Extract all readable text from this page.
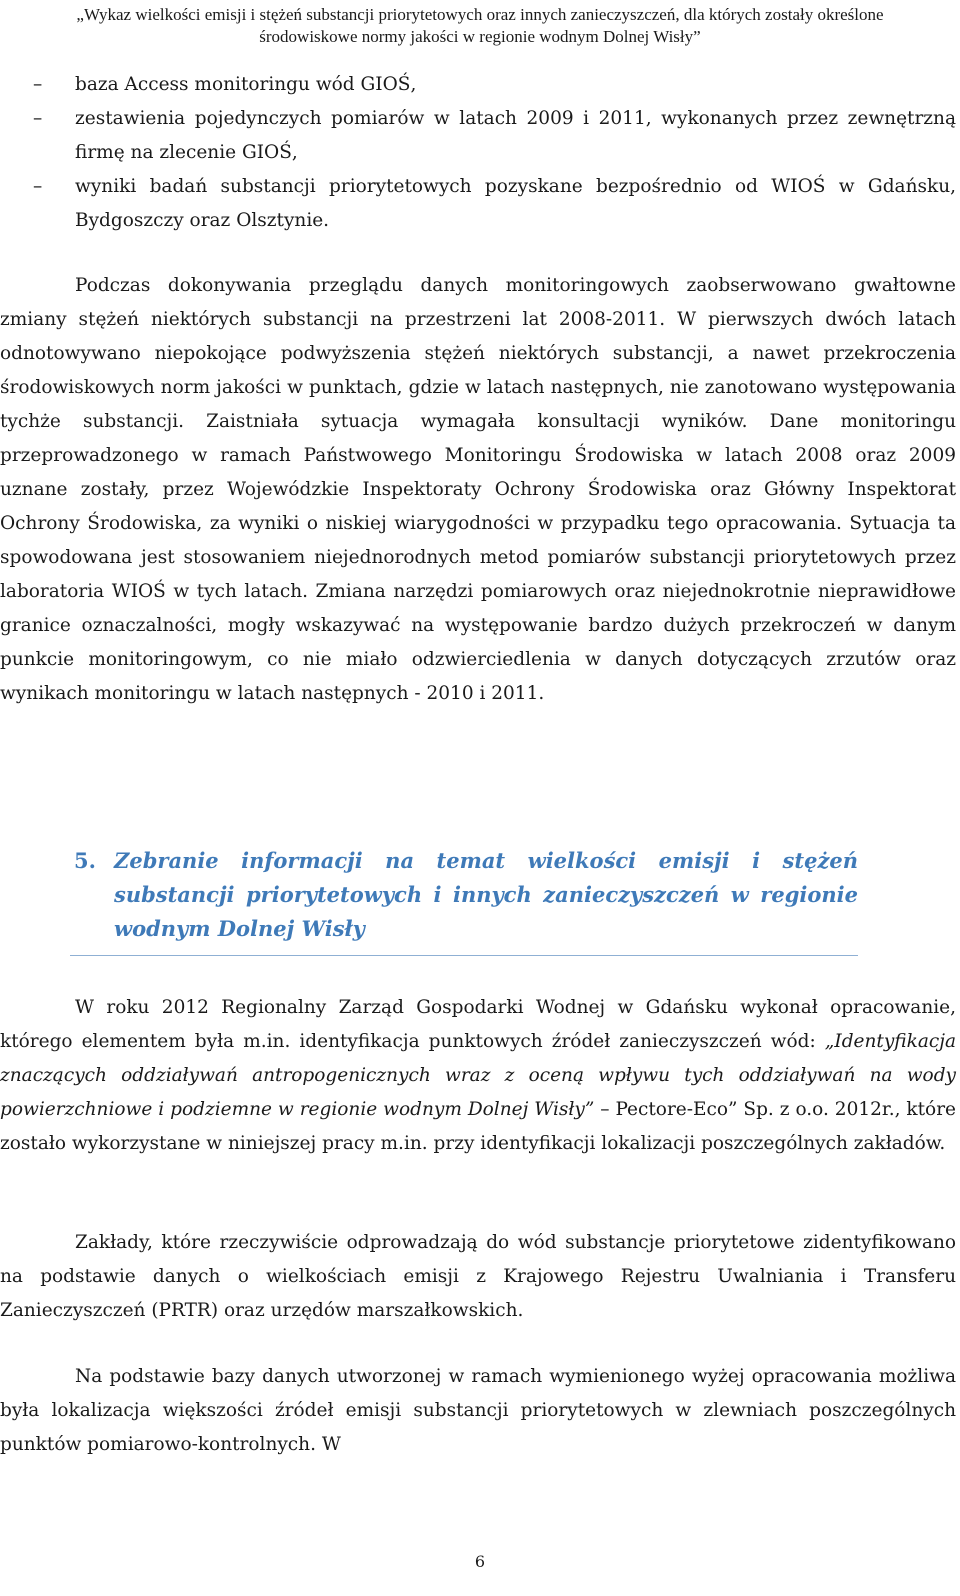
„Wykaz wielkości emisji i stężeń substancji priorytetowych oraz innych zanieczyszczeń, dla których zostały określone
środowiskowe normy jakości w regionie wodnym Dolnej Wisły”
– baza Access monitoringu wód GIOŚ,
– zestawienia pojedynczych pomiarów w latach 2009 i 2011, wykonanych przez zewnętrzną firmę na zlecenie GIOŚ,
– wyniki badań substancji priorytetowych pozyskane bezpośrednio od WIOŚ w Gdańsku, Bydgoszczy oraz Olsztynie.
Podczas dokonywania przeglądu danych monitoringowych zaobserwowano gwałtowne zmiany stężeń niektórych substancji na przestrzeni lat 2008-2011. W pierwszych dwóch latach odnotowywano niepokojące podwyższenia stężeń niektórych substancji, a nawet przekroczenia środowiskowych norm jakości w punktach, gdzie w latach następnych, nie zanotowano występowania tychże substancji. Zaistniała sytuacja wymagała konsultacji wyników. Dane monitoringu przeprowadzonego w ramach Państwowego Monitoringu Środowiska w latach 2008 oraz 2009 uznane zostały, przez Wojewódzkie Inspektoraty Ochrony Środowiska oraz Główny Inspektorat Ochrony Środowiska, za wyniki o niskiej wiarygodności w przypadku tego opracowania. Sytuacja ta spowodowana jest stosowaniem niejednorodnych metod pomiarów substancji priorytetowych przez laboratoria WIOŚ w tych latach. Zmiana narzędzi pomiarowych oraz niejednokrotnie nieprawidłowe granice oznaczalności, mogły wskazywać na występowanie bardzo dużych przekroczeń w danym punkcie monitoringowym, co nie miało odzwierciedlenia w danych dotyczących zrzutów oraz wynikach monitoringu w latach następnych - 2010 i 2011.
5. Zebranie informacji na temat wielkości emisji i stężeń substancji priorytetowych i innych zanieczyszczeń w regionie wodnym Dolnej Wisły
W roku 2012 Regionalny Zarząd Gospodarki Wodnej w Gdańsku wykonał opracowanie, którego elementem była m.in. identyfikacja punktowych źródeł zanieczyszczeń wód: „Identyfikacja znaczących oddziaływań antropogenicznych wraz z oceną wpływu tych oddziaływań na wody powierzchniowe i podziemne w regionie wodnym Dolnej Wisły” – Pectore-Eco” Sp. z o.o. 2012r., które zostało wykorzystane w niniejszej pracy m.in. przy identyfikacji lokalizacji poszczególnych zakładów.
Zakłady, które rzeczywiście odprowadzają do wód substancje priorytetowe zidentyfikowano na podstawie danych o wielkościach emisji z Krajowego Rejestru Uwalniania i Transferu Zanieczyszczeń (PRTR) oraz urzędów marszałkowskich.
Na podstawie bazy danych utworzonej w ramach wymienionego wyżej opracowania możliwa była lokalizacja większości źródeł emisji substancji priorytetowych w zlewniach poszczególnych punktów pomiarowo-kontrolnych. W
6
